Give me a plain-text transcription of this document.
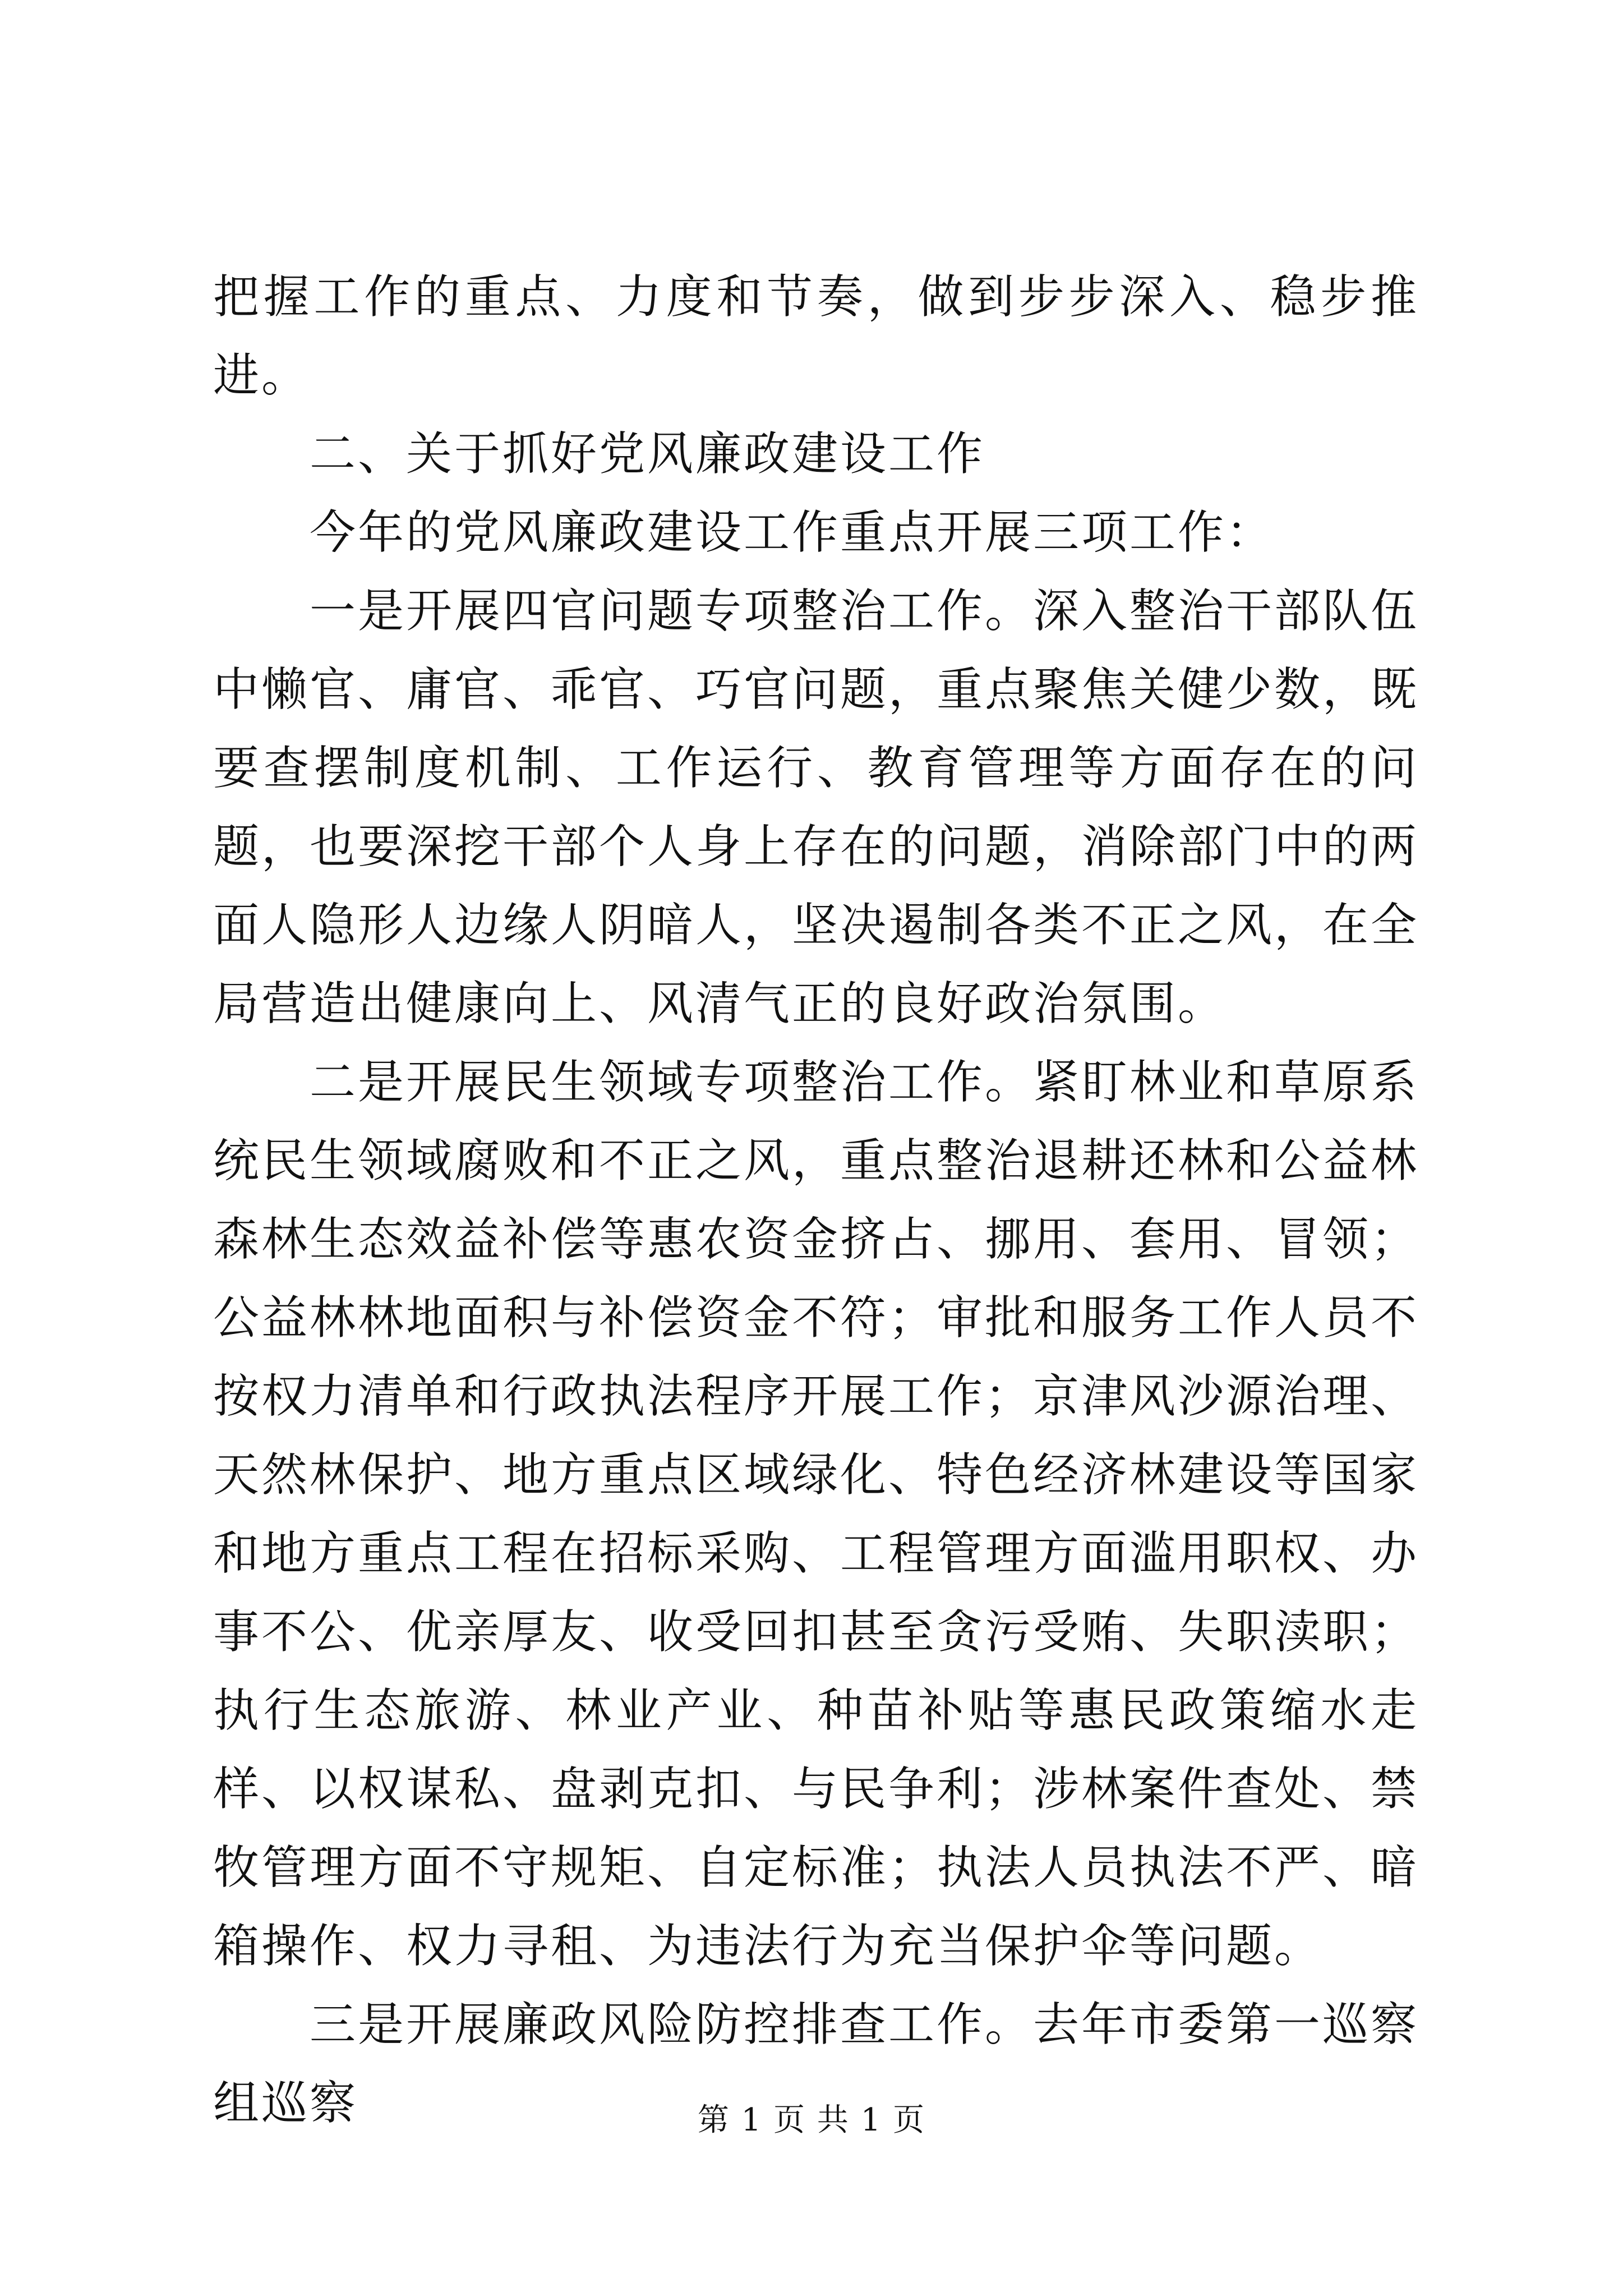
把握工作的重点、力度和节奏，做到步步深入、稳步推进。

二、关于抓好党风廉政建设工作

今年的党风廉政建设工作重点开展三项工作：

一是开展四官问题专项整治工作。深入整治干部队伍中懒官、庸官、乖官、巧官问题，重点聚焦关健少数，既要查摆制度机制、工作运行、教育管理等方面存在的问题，也要深挖干部个人身上存在的问题，消除部门中的两面人隐形人边缘人阴暗人，坚决遏制各类不正之风，在全局营造出健康向上、风清气正的良好政治氛围。

二是开展民生领域专项整治工作。紧盯林业和草原系统民生领域腐败和不正之风，重点整治退耕还林和公益林森林生态效益补偿等惠农资金挤占、挪用、套用、冒领；公益林林地面积与补偿资金不符；审批和服务工作人员不按权力清单和行政执法程序开展工作；京津风沙源治理、天然林保护、地方重点区域绿化、特色经济林建设等国家和地方重点工程在招标采购、工程管理方面滥用职权、办事不公、优亲厚友、收受回扣甚至贪污受贿、失职渎职；执行生态旅游、林业产业、种苗补贴等惠民政策缩水走样、以权谋私、盘剥克扣、与民争利；涉林案件查处、禁牧管理方面不守规矩、自定标准；执法人员执法不严、暗箱操作、权力寻租、为违法行为充当保护伞等问题。

三是开展廉政风险防控排查工作。去年市委第一巡察组巡察	第 1 页 共 1 页
